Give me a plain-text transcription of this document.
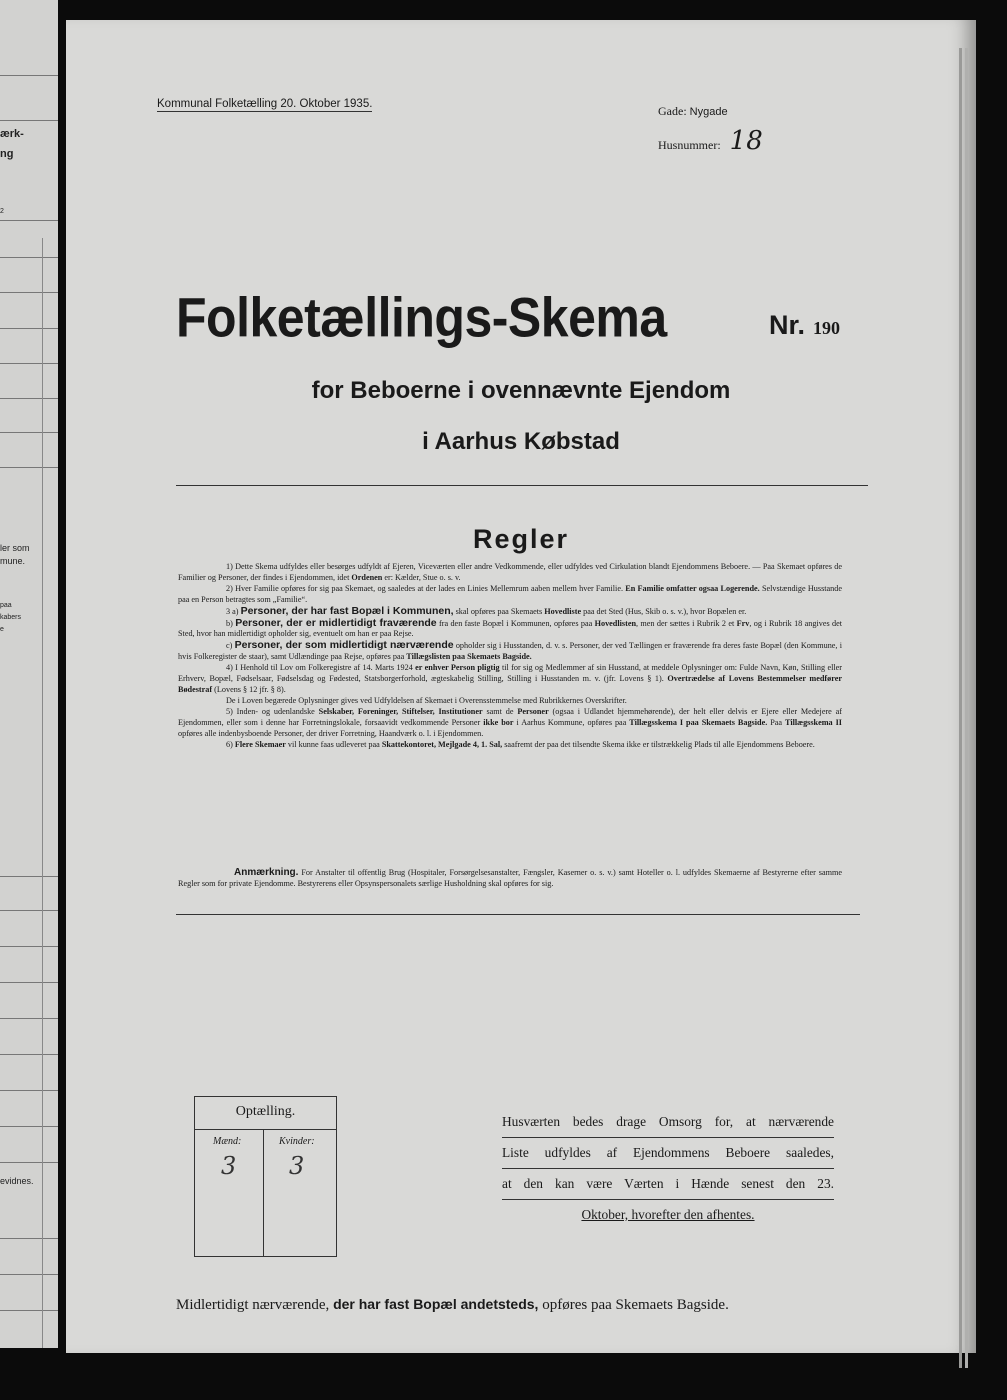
ærk-
ng
2
ler som
mune.
paa
kabers
e
evidnes.
Kommunal Folketælling 20. Oktober 1935.	Gade: Nygade
Husnummer: 18
Folketællings-Skema	Nr. 190
for Beboerne i ovennævnte Ejendom
i Aarhus Købstad
Regler

1) Dette Skema udfyldes eller besørges udfyldt af Ejeren, Viceværten eller andre Vedkommende, eller udfyldes ved Cirkulation blandt Ejendommens Beboere. — Paa Skemaet opføres de Familier og Personer, der findes i Ejendommen, idet Ordenen er: Kælder, Stue o. s. v.

2) Hver Familie opføres for sig paa Skemaet, og saaledes at der lades en Linies Mellemrum aaben mellem hver Familie. En Familie omfatter ogsaa Logerende. Selvstændige Husstande paa en Person betragtes som „Familie“.

3 a) Personer, der har fast Bopæl i Kommunen, skal opføres paa Skemaets Hovedliste paa det Sted (Hus, Skib o. s. v.), hvor Bopælen er.

b) Personer, der er midlertidigt fraværende fra den faste Bopæl i Kommunen, opføres paa Hovedlisten, men der sættes i Rubrik 2 et Frv, og i Rubrik 18 angives det Sted, hvor han midlertidigt opholder sig, eventuelt om han er paa Rejse.

c) Personer, der som midlertidigt nærværende opholder sig i Husstanden, d. v. s. Personer, der ved Tællingen er fraværende fra deres faste Bopæl (den Kommune, i hvis Folkeregister de staar), samt Udlændinge paa Rejse, opføres paa Tillægslisten paa Skemaets Bagside.

4) I Henhold til Lov om Folkeregistre af 14. Marts 1924 er enhver Person pligtig til for sig og Medlemmer af sin Husstand, at meddele Oplysninger om: Fulde Navn, Køn, Stilling eller Erhverv, Bopæl, Fødselsaar, Fødselsdag og Fødested, Statsborgerforhold, ægteskabelig Stilling, Stilling i Husstanden m. v. (jfr. Lovens § 1). Overtrædelse af Lovens Bestemmelser medfører Bødestraf (Lovens § 12 jfr. § 8).

De i Loven begærede Oplysninger gives ved Udfyldelsen af Skemaet i Overensstemmelse med Rubrikkernes Overskrifter.

5) Inden- og udenlandske Selskaber, Foreninger, Stiftelser, Institutioner samt de Personer (ogsaa i Udlandet hjemmehørende), der helt eller delvis er Ejere eller Medejere af Ejendommen, eller som i denne har Forretningslokale, forsaavidt vedkommende Personer ikke bor i Aarhus Kommune, opføres paa Tillægsskema I paa Skemaets Bagside. Paa Tillægsskema II opføres alle indenbysboende Personer, der driver Forretning, Haandværk o. l. i Ejendommen.

6) Flere Skemaer vil kunne faas udleveret paa Skattekontoret, Mejlgade 4, 1. Sal, saafremt der paa det tilsendte Skema ikke er tilstrækkelig Plads til alle Ejendommens Beboere.

Anmærkning. For Anstalter til offentlig Brug (Hospitaler, Forsørgelsesanstalter, Fængsler, Kaserner o. s. v.) samt Hoteller o. l. udfyldes Skemaerne af Bestyrerne efter samme Regler som for private Ejendomme. Bestyrerens eller Opsynspersonalets særlige Husholdning skal opføres for sig.
Optælling.
Mænd:	Kvinder:
3 3
Husværten bedes drage Omsorg for, at nærværende
Liste udfyldes af Ejendommens Beboere saaledes,
at den kan være Værten i Hænde senest den 23.
Oktober, hvorefter den afhentes.
Midlertidigt nærværende, der har fast Bopæl andetsteds, opføres paa Skemaets Bagside.
